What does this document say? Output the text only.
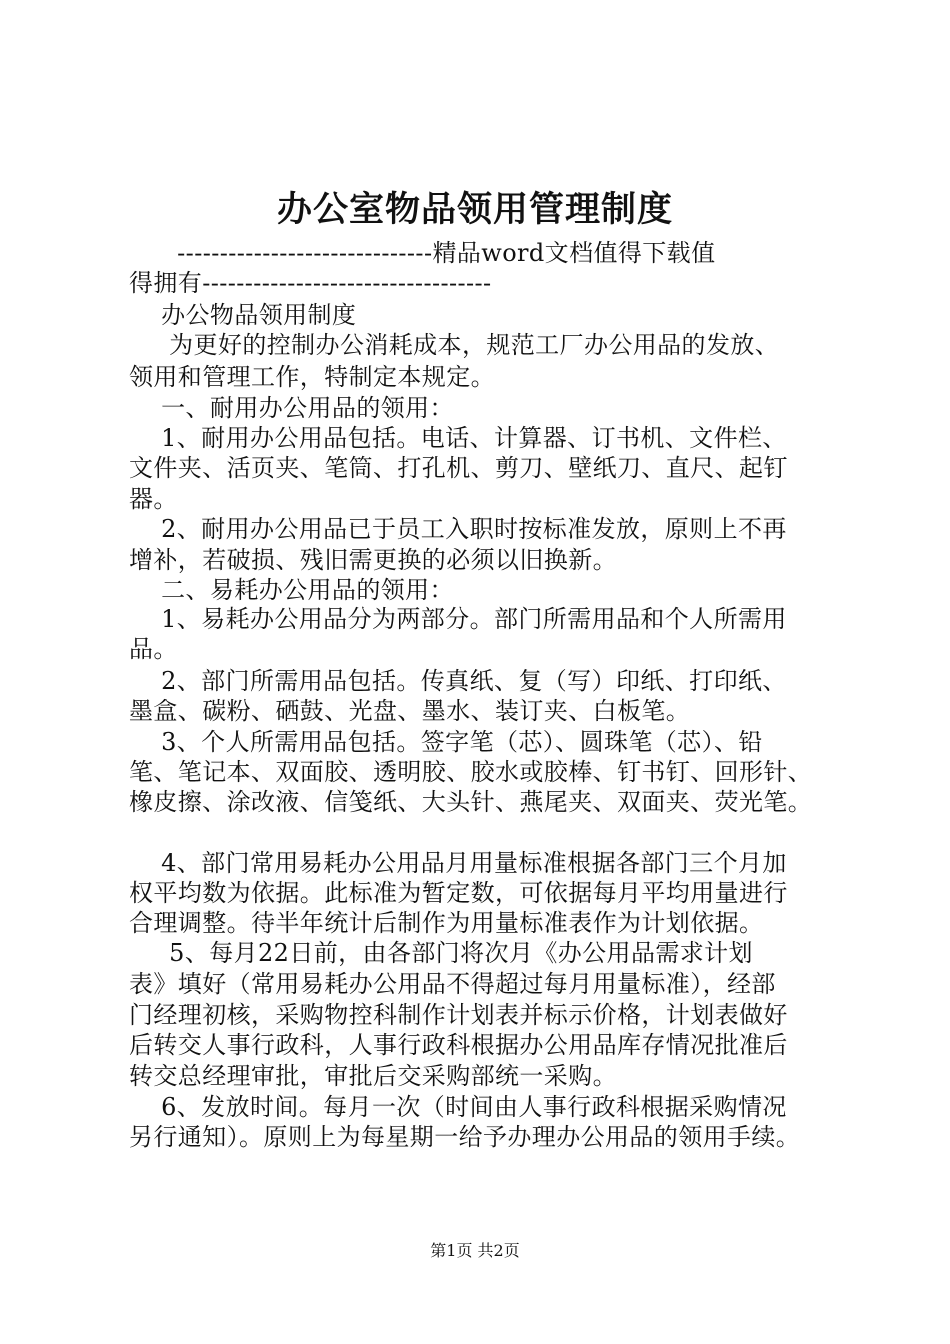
办公室物品领用管理制度
------------------------------精品word文档值得下载值
得拥有----------------------------------
办公物品领用制度
为更好的控制办公消耗成本，规范工厂办公用品的发放、
领用和管理工作，特制定本规定。
一、耐用办公用品的领用：
1、耐用办公用品包括。电话、计算器、订书机、文件栏、
文件夹、活页夹、笔筒、打孔机、剪刀、壁纸刀、直尺、起钉
器。
2、耐用办公用品已于员工入职时按标准发放，原则上不再
增补，若破损、残旧需更换的必须以旧换新。
二、易耗办公用品的领用：
1、易耗办公用品分为两部分。部门所需用品和个人所需用
品。
2、部门所需用品包括。传真纸、复（写）印纸、打印纸、
墨盒、碳粉、硒鼓、光盘、墨水、装订夹、白板笔。
3、个人所需用品包括。签字笔（芯）、圆珠笔（芯）、铅
笔、笔记本、双面胶、透明胶、胶水或胶棒、钉书钉、回形针、
橡皮擦、涂改液、信笺纸、大头针、燕尾夹、双面夹、荧光笔。
4、部门常用易耗办公用品月用量标准根据各部门三个月加
权平均数为依据。此标准为暂定数，可依据每月平均用量进行
合理调整。待半年统计后制作为用量标准表作为计划依据。
5、每月22日前，由各部门将次月《办公用品需求计划
表》填好（常用易耗办公用品不得超过每月用量标准），经部
门经理初核，采购物控科制作计划表并标示价格，计划表做好
后转交人事行政科，人事行政科根据办公用品库存情况批准后
转交总经理审批，审批后交采购部统一采购。
6、发放时间。每月一次（时间由人事行政科根据采购情况
另行通知）。原则上为每星期一给予办理办公用品的领用手续。
第1页 共2页
